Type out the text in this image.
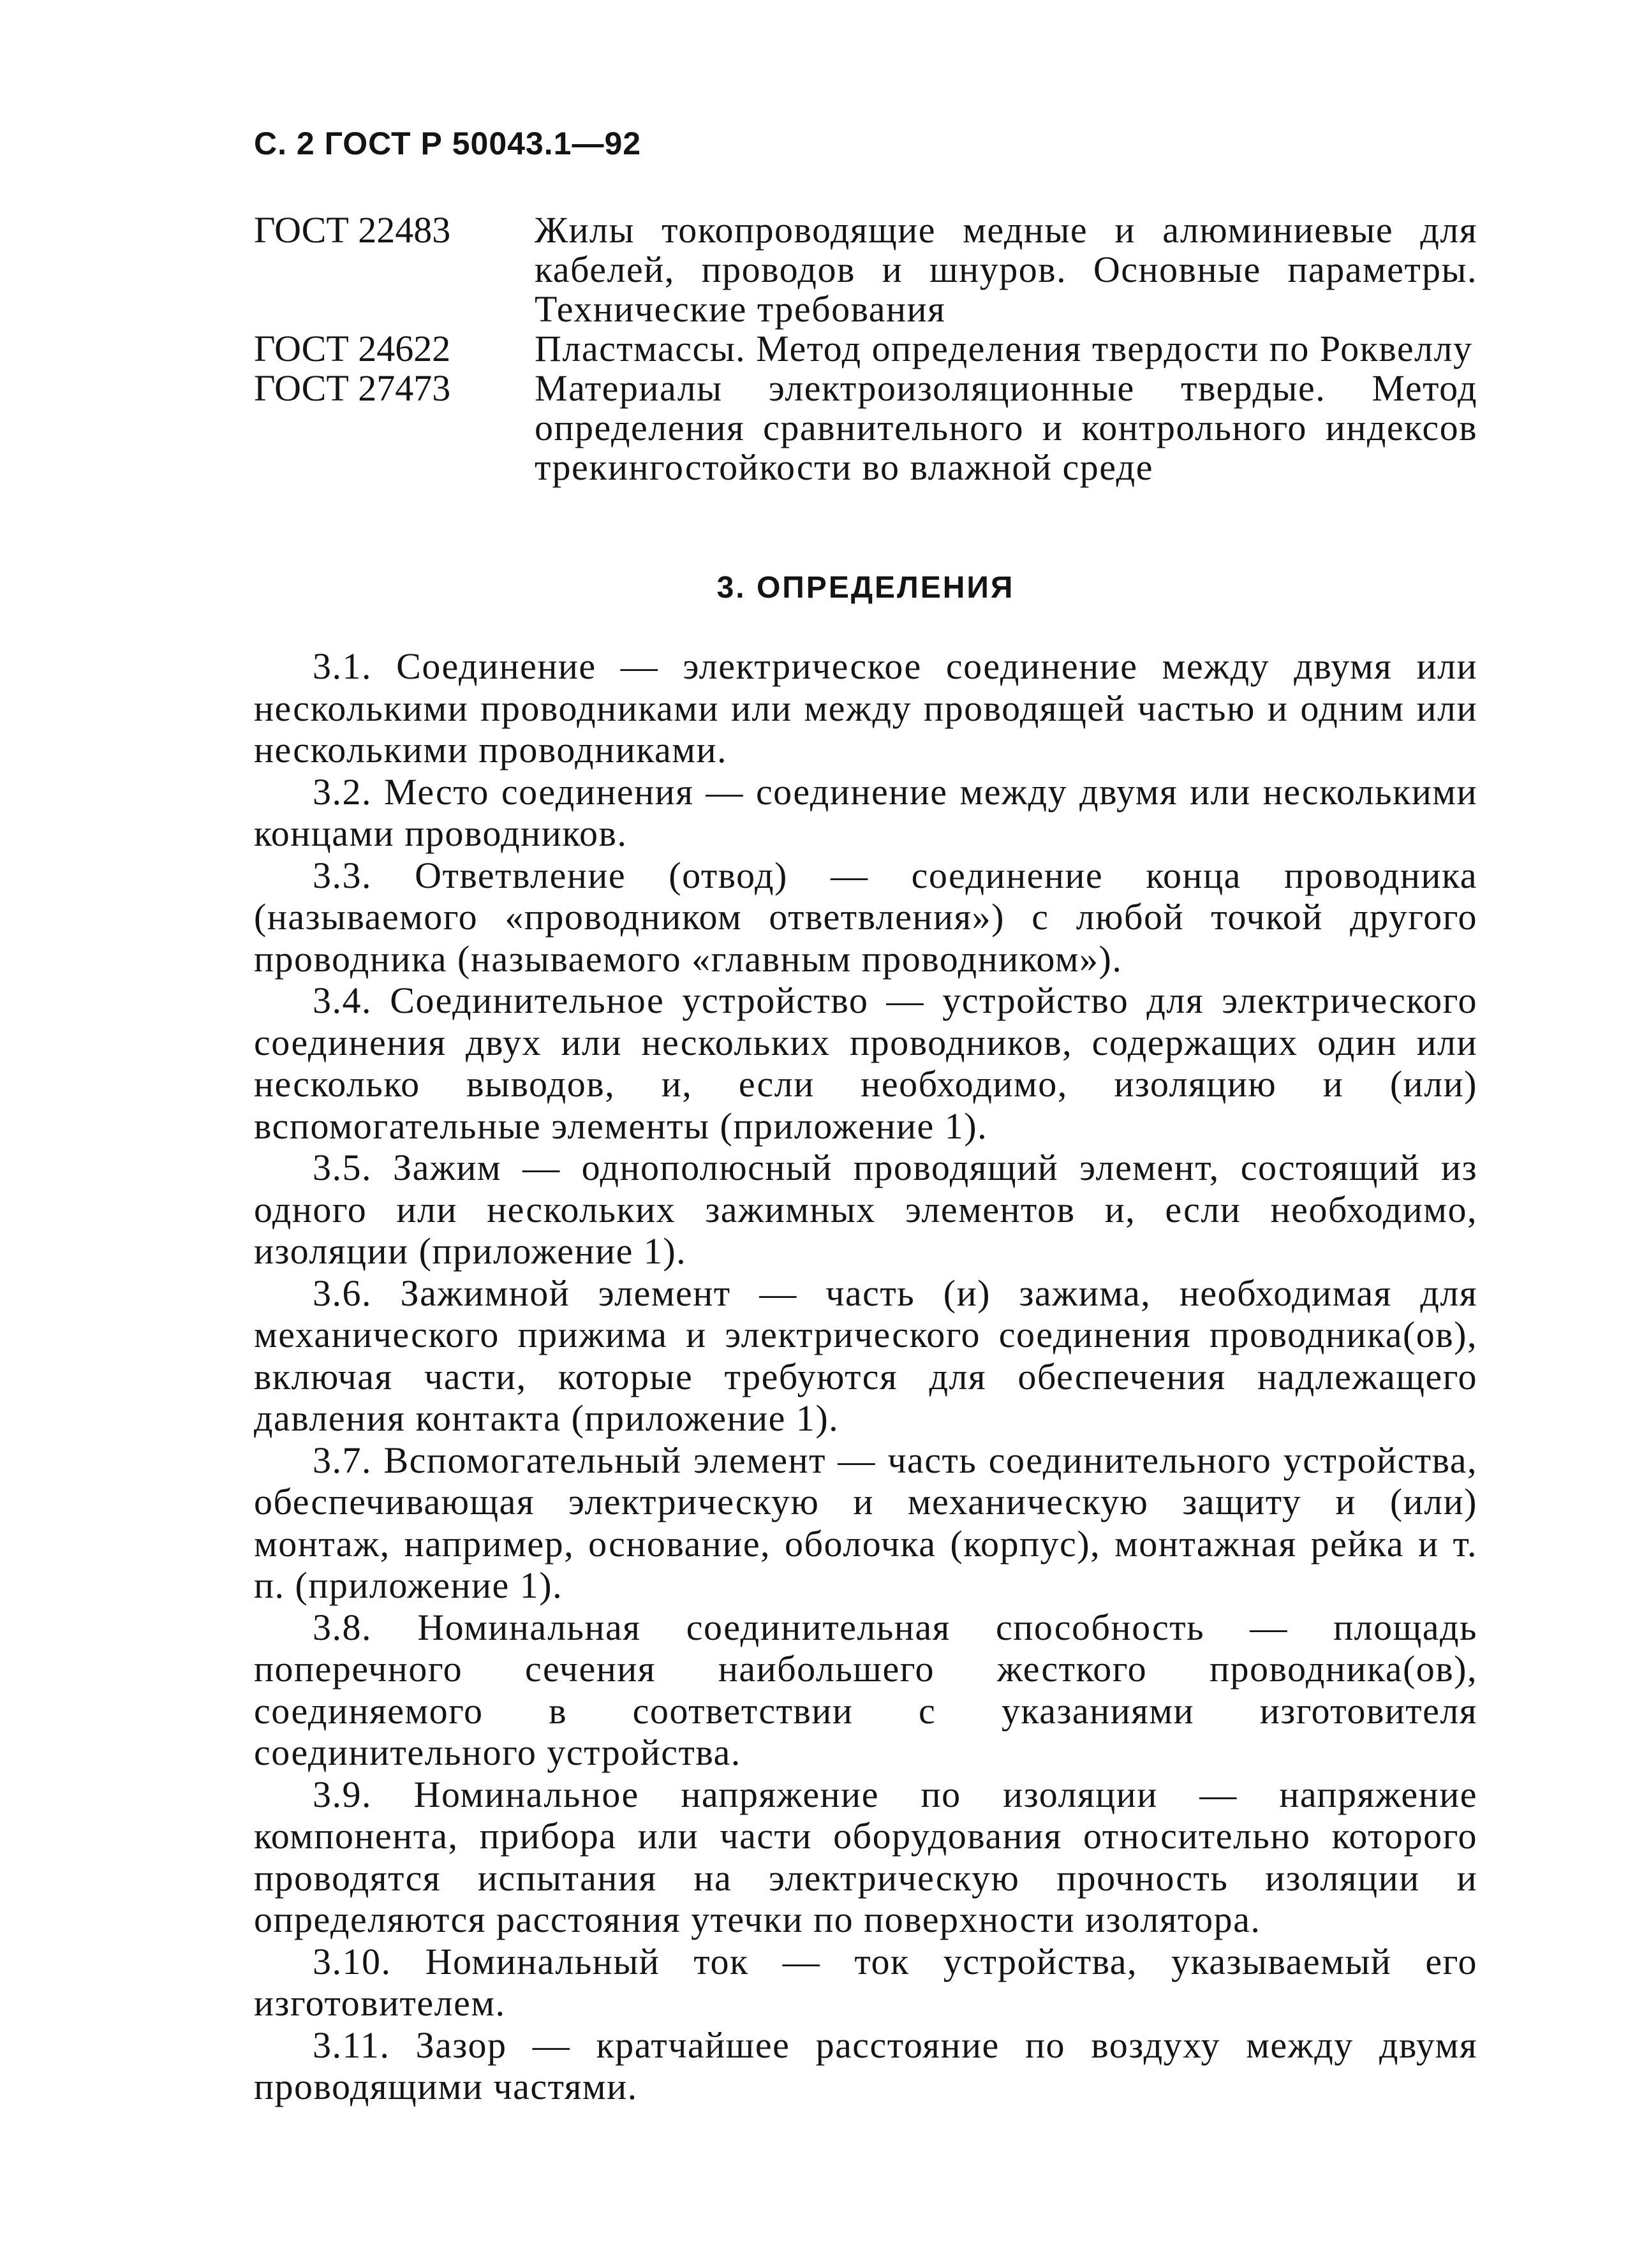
С. 2 ГОСТ Р 50043.1—92
ГОСТ 22483	Жилы токопроводящие медные и алюминиевые для кабелей, проводов и шнуров. Основные параметры. Технические требования
ГОСТ 24622	Пластмассы. Метод определения твердости по Роквеллу
ГОСТ 27473	Материалы электроизоляционные твердые. Метод определения сравнительного и контрольного индексов трекингостойкости во влажной среде
3. ОПРЕДЕЛЕНИЯ

3.1. Соединение — электрическое соединение между двумя или несколькими проводниками или между проводящей частью и одним или несколькими проводниками.

3.2. Место соединения — соединение между двумя или несколькими концами проводников.

3.3. Ответвление (отвод) — соединение конца проводника (называемого «проводником ответвления») с любой точкой другого проводника (называемого «главным проводником»).

3.4. Соединительное устройство — устройство для электрического соединения двух или нескольких проводников, содержащих один или несколько выводов, и, если необходимо, изоляцию и (или) вспомогательные элементы (приложение 1).

3.5. Зажим — однополюсный проводящий элемент, состоящий из одного или нескольких зажимных элементов и, если необходимо, изоляции (приложение 1).

3.6. Зажимной элемент — часть (и) зажима, необходимая для механического прижима и электрического соединения проводника(ов), включая части, которые требуются для обеспечения надлежащего давления контакта (приложение 1).

3.7. Вспомогательный элемент — часть соединительного устройства, обеспечивающая электрическую и механическую защиту и (или) монтаж, например, основание, оболочка (корпус), монтажная рейка и т. п. (приложение 1).

3.8. Номинальная соединительная способность — площадь поперечного сечения наибольшего жесткого проводника(ов), соединяемого в соответствии с указаниями изготовителя соединительного устройства.

3.9. Номинальное напряжение по изоляции — напряжение компонента, прибора или части оборудования относительно которого проводятся испытания на электрическую прочность изоляции и определяются расстояния утечки по поверхности изолятора.

3.10. Номинальный ток — ток устройства, указываемый его изготовителем.

3.11. Зазор — кратчайшее расстояние по воздуху между двумя проводящими частями.
